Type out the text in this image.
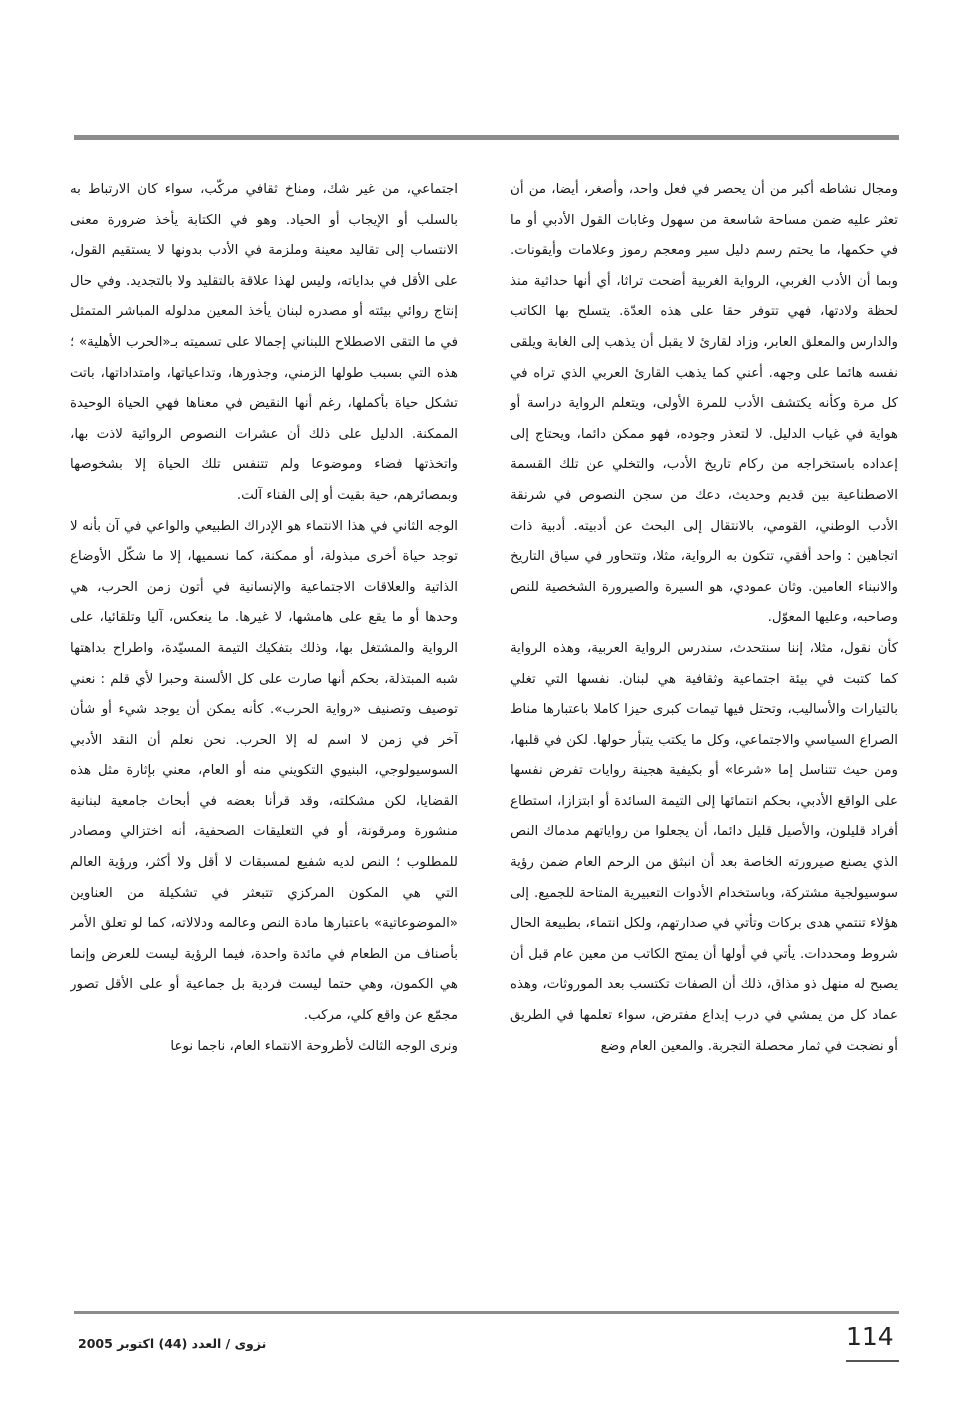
ومجال نشاطه أكبر من أن يحصر في فعل واحد، وأصغر، أيضا، من أن تعثر عليه ضمن مساحة شاسعة من سهول وغابات القول الأدبي أو ما في حكمها، ما يحتم رسم دليل سير ومعجم رموز وعلامات وأيقونات. وبما أن الأدب الغربي، الرواية الغربية أضحت تراثا، أي أنها حداثية منذ لحظة ولادتها، فهي تتوفر حقا على هذه العدّة. يتسلح بها الكاتب والدارس والمعلق العابر، وزاد لقارئ لا يقبل أن يذهب إلى الغابة ويلقى نفسه هائما على وجهه. أعني كما يذهب القارئ العربي الذي تراه في كل مرة وكأنه يكتشف الأدب للمرة الأولى، ويتعلم الرواية دراسة أو هواية في غياب الدليل. لا لتعذر وجوده، فهو ممكن دائما، ويحتاج إلى إعداده باستخراجه من ركام تاريخ الأدب، والتخلي عن تلك القسمة الاصطناعية بين قديم وحديث، دعك من سجن النصوص في شرنقة الأدب الوطني، القومي، بالانتقال إلى البحث عن أدبيته. أدبية ذات اتجاهين : واحد أفقي، تتكون به الرواية، مثلا، وتتحاور في سياق التاريخ والانبناء العامين. وثان عمودي، هو السيرة والصيرورة الشخصية للنص وصاحبه، وعليها المعوّل.

كأن نقول، مثلا، إننا سنتحدث، سندرس الرواية العربية، وهذه الرواية كما كتبت في بيئة اجتماعية وثقافية هي لبنان. نفسها التي تغلي بالتيارات والأساليب، وتحتل فيها تيمات كبرى حيزا كاملا باعتبارها مناط الصراع السياسي والاجتماعي، وكل ما يكتب يتبأر حولها. لكن في قلبها، ومن حيث تتناسل إما «شرعا» أو بكيفية هجينة روايات تفرض نفسها على الواقع الأدبي، بحكم انتمائها إلى التيمة السائدة أو ابتزازا، استطاع أفراد قليلون، والأصيل قليل دائما، أن يجعلوا من رواياتهم مدماك النص الذي يصنع صيرورته الخاصة بعد أن انبثق من الرحم العام ضمن رؤية سوسيولجية مشتركة، وباستخدام الأدوات التعبيرية المتاحة للجميع. إلى هؤلاء تنتمي هدى بركات وتأتي في صدارتهم، ولكل انتماء، بطبيعة الحال شروط ومحددات. يأتي في أولها أن يمتح الكاتب من معين عام قبل أن يصبح له منهل ذو مذاق، ذلك أن الصفات تكتسب بعد الموروثات، وهذه عماد كل من يمشي في درب إبداع مفترض، سواء تعلمها في الطريق أو نضجت في ثمار محصلة التجربة. والمعين العام وضع

اجتماعي، من غير شك، ومناخ ثقافي مركّب، سواء كان الارتباط به بالسلب أو الإيجاب أو الحياد. وهو في الكتابة يأخذ ضرورة معنى الانتساب إلى تقاليد معينة وملزمة في الأدب بدونها لا يستقيم القول، على الأقل في بداياته، وليس لهذا علاقة بالتقليد ولا بالتجديد. وفي حال إنتاج روائي بيئته أو مصدره لبنان يأخذ المعين مدلوله المباشر المتمثل في ما التقى الاصطلاح اللبناني إجمالا على تسميته بـ«الحرب الأهلية» ؛ هذه التي بسبب طولها الزمني، وجذورها، وتداعياتها، وامتداداتها، باتت تشكل حياة بأكملها، رغم أنها النقيض في معناها فهي الحياة الوحيدة الممكنة. الدليل على ذلك أن عشرات النصوص الروائية لاذت بها، واتخذتها فضاء وموضوعا ولم تتنفس تلك الحياة إلا بشخوصها وبمصائرهم، حية بقيت أو إلى الفناء آلت.

الوجه الثاني في هذا الانتماء هو الإدراك الطبيعي والواعي في آن بأنه لا توجد حياة أخرى مبذولة، أو ممكنة، كما نسميها، إلا ما شكّل الأوضاع الذاتية والعلاقات الاجتماعية والإنسانية في أتون زمن الحرب، هي وحدها أو ما يقع على هامشها، لا غيرها. ما ينعكس، آليا وتلقائيا، على الرواية والمشتغل بها، وذلك بتفكيك التيمة المسيّدة، واطراح بداهتها شبه المبتذلة، بحكم أنها صارت على كل الألسنة وحبرا لأي قلم : نعني توصيف وتصنيف «رواية الحرب». كأنه يمكن أن يوجد شيء أو شأن آخر في زمن لا اسم له إلا الحرب. نحن نعلم أن النقد الأدبي السوسيولوجي، البنيوي التكويني منه أو العام، معني بإثارة مثل هذه القضايا، لكن مشكلته، وقد قرأنا بعضه في أبحاث جامعية لبنانية منشورة ومرقونة، أو في التعليقات الصحفية، أنه اختزالي ومصادر للمطلوب ؛ النص لديه شفيع لمسبقات لا أقل ولا أكثر، ورؤية العالم التي هي المكون المركزي تتبعثر في تشكيلة من العناوين «الموضوعاتية» باعتبارها مادة النص وعالمه ودلالاته، كما لو تعلق الأمر بأصناف من الطعام في مائدة واحدة، فيما الرؤية ليست للعرض وإنما هي الكمون، وهي حتما ليست فردية بل جماعية أو على الأقل تصور مجمّع عن واقع كلي، مركب.

ونرى الوجه الثالث لأطروحة الانتماء العام، ناجما نوعا

114
نزوى / العدد (44) اكتوبر 2005
